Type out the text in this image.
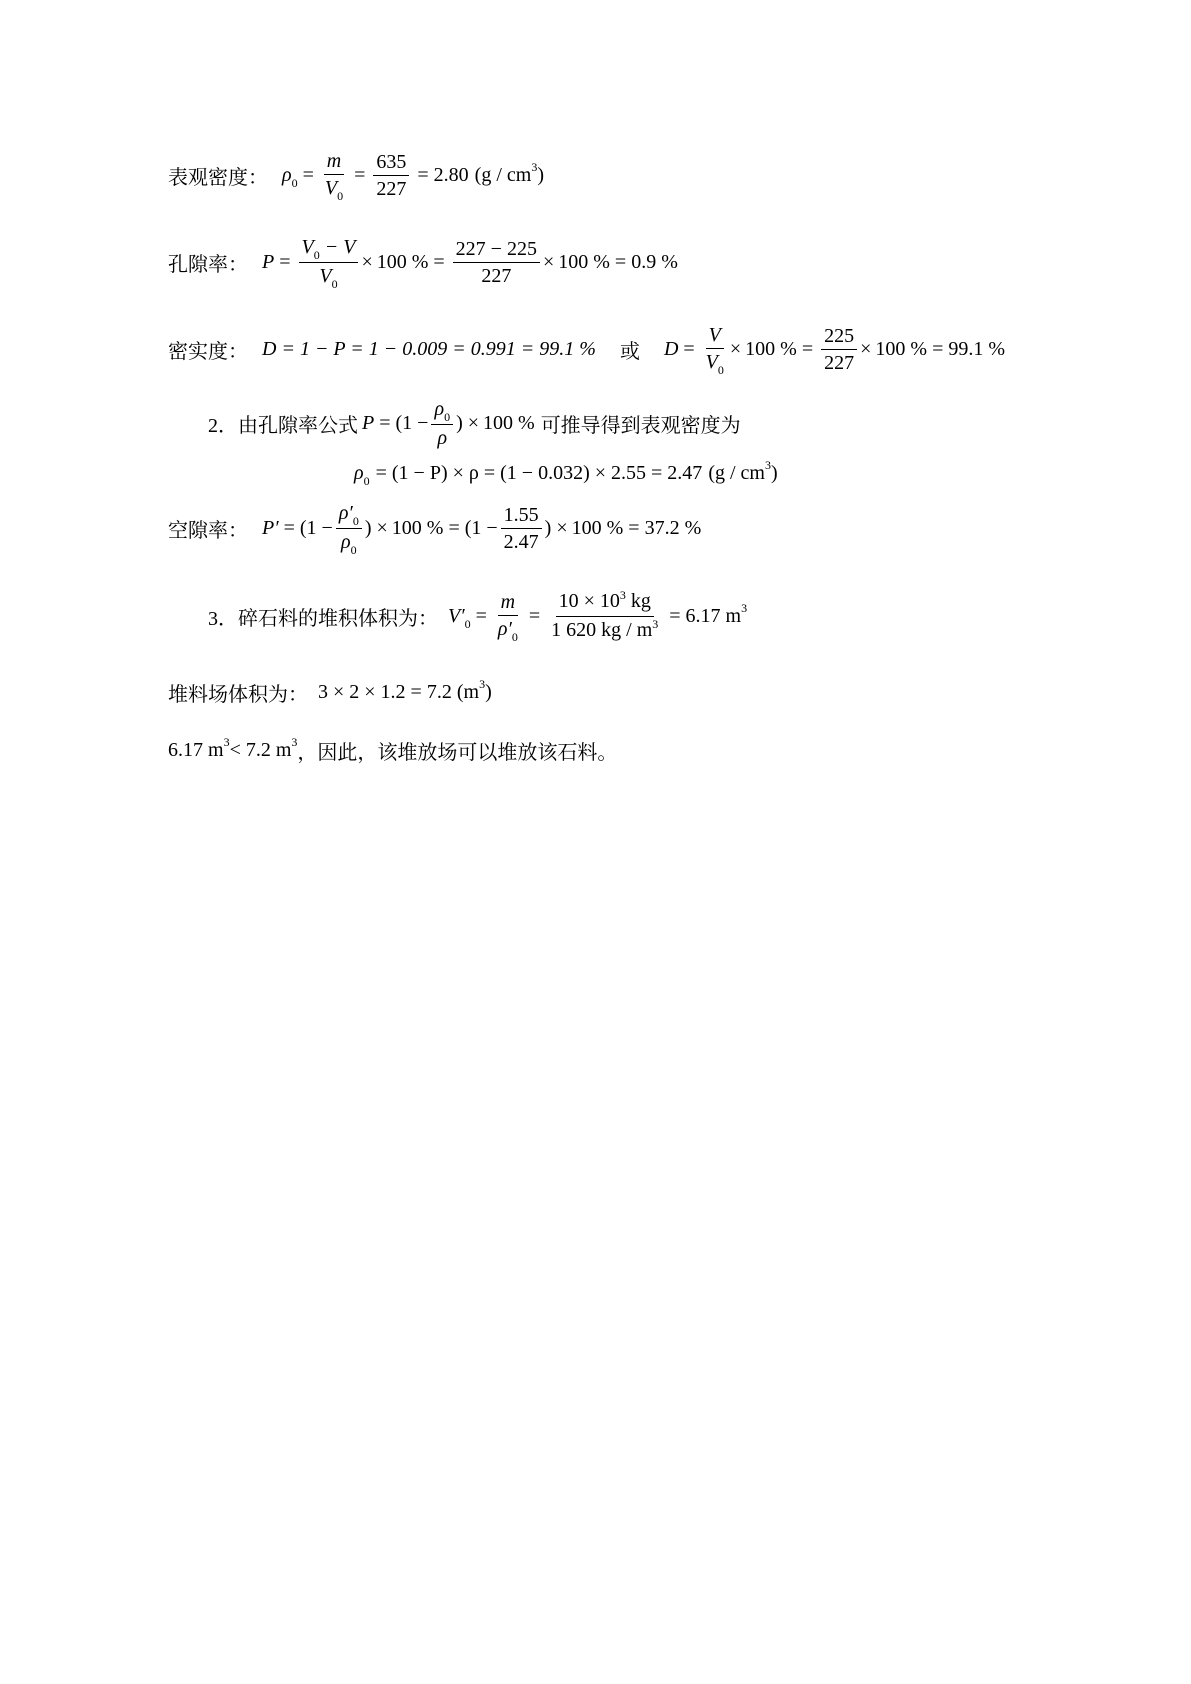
表观密度： $\rho_0 = \frac{m}{V_0} = \frac{635}{227} = 2.80$ (g / cm 3 )
孔隙率： $P = \frac{V_0 - V}{V_0} \times 100$ % = $\frac{227 - 225}{227} \times 100$ % = 0.9 %
密实度： D = 1 − P = 1 − 0.009 = 0.991 = 99.1 % 或 $D = \frac{V}{V_0} \times 100$ % = $\frac{225}{227} \times 100$ % = 99.1 %
2． 由孔隙率公式 $P = (1 - \frac{\rho_0}{\rho}$ ) × 100 % 可推导得到表观密度为
$\rho_0 = (1 - P) \times \rho = (1 - 0.032) \times 2.55 = 2.47$ (g / cm 3 )
空隙率： $P' = (1 - \frac{\rho'_0}{\rho_0}$ ) × 100 % = ($1 - \frac{1.55}{2.47}$ ) × 100 % = 37.2 %
3． 碎石料的堆积体积为： $V'_0 = \frac{m}{\rho'_0} = \frac{10 \times 10^3 kg}{1 620 kg / m^3} = 6.17$ m 3
堆料场体积为： 3 × 2 × 1.2 = 7.2 (m 3 )
6.17 m 3 < 7.2 m 3 ，因此，该堆放场可以堆放该石料。
